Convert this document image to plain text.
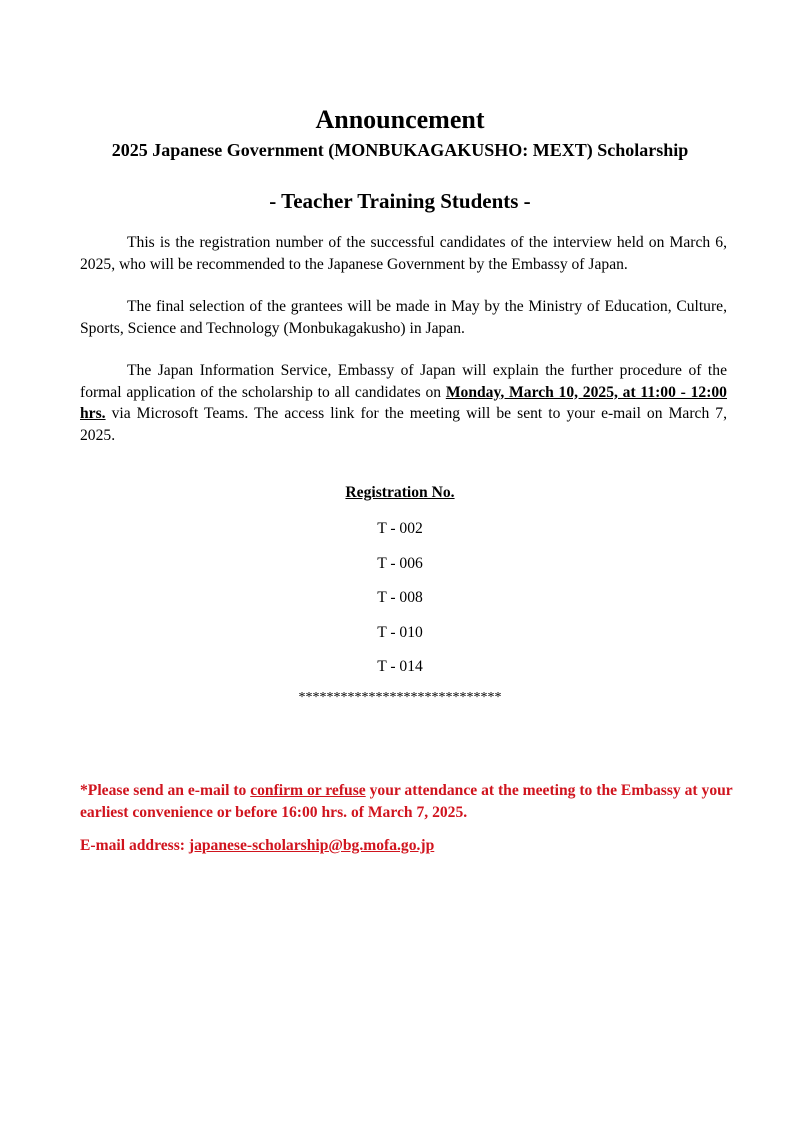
Announcement
2025 Japanese Government (MONBUKAGAKUSHO: MEXT) Scholarship
- Teacher Training Students -

This is the registration number of the successful candidates of the interview held on March 6, 2025, who will be recommended to the Japanese Government by the Embassy of Japan.

The final selection of the grantees will be made in May by the Ministry of Education, Culture, Sports, Science and Technology (Monbukagakusho) in Japan.

The Japan Information Service, Embassy of Japan will explain the further procedure of the formal application of the scholarship to all candidates on Monday, March 10, 2025, at 11:00 - 12:00 hrs. via Microsoft Teams. The access link for the meeting will be sent to your e-mail on March 7, 2025.

Registration No.
T - 002
T - 006
T - 008
T - 010
T - 014
*****************************

*Please send an e-mail to confirm or refuse your attendance at the meeting to the Embassy at your earliest convenience or before 16:00 hrs. of March 7, 2025.

E-mail address: japanese-scholarship@bg.mofa.go.jp
